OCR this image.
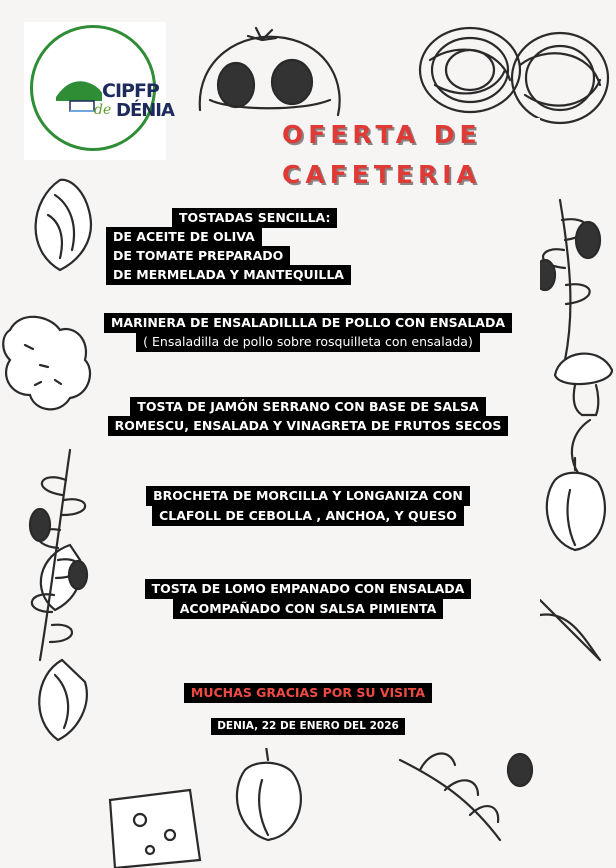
CIPFP
de DÉNIA
OFERTA DE
CAFETERIA
TOSTADAS SENCILLA:
DE ACEITE DE OLIVA
DE TOMATE PREPARADO
DE MERMELADA Y MANTEQUILLA
MARINERA DE ENSALADILLLA DE POLLO CON ENSALADA
( Ensaladilla de pollo sobre rosquilleta con ensalada)
TOSTA DE JAMÓN SERRANO CON BASE DE SALSA
ROMESCU, ENSALADA Y VINAGRETA DE FRUTOS SECOS
BROCHETA DE MORCILLA Y LONGANIZA CON
CLAFOLL DE CEBOLLA , ANCHOA, Y QUESO
TOSTA DE LOMO EMPANADO CON ENSALADA
ACOMPAÑADO CON SALSA PIMIENTA
MUCHAS GRACIAS POR SU VISITA
DENIA, 22 DE ENERO DEL 2026
